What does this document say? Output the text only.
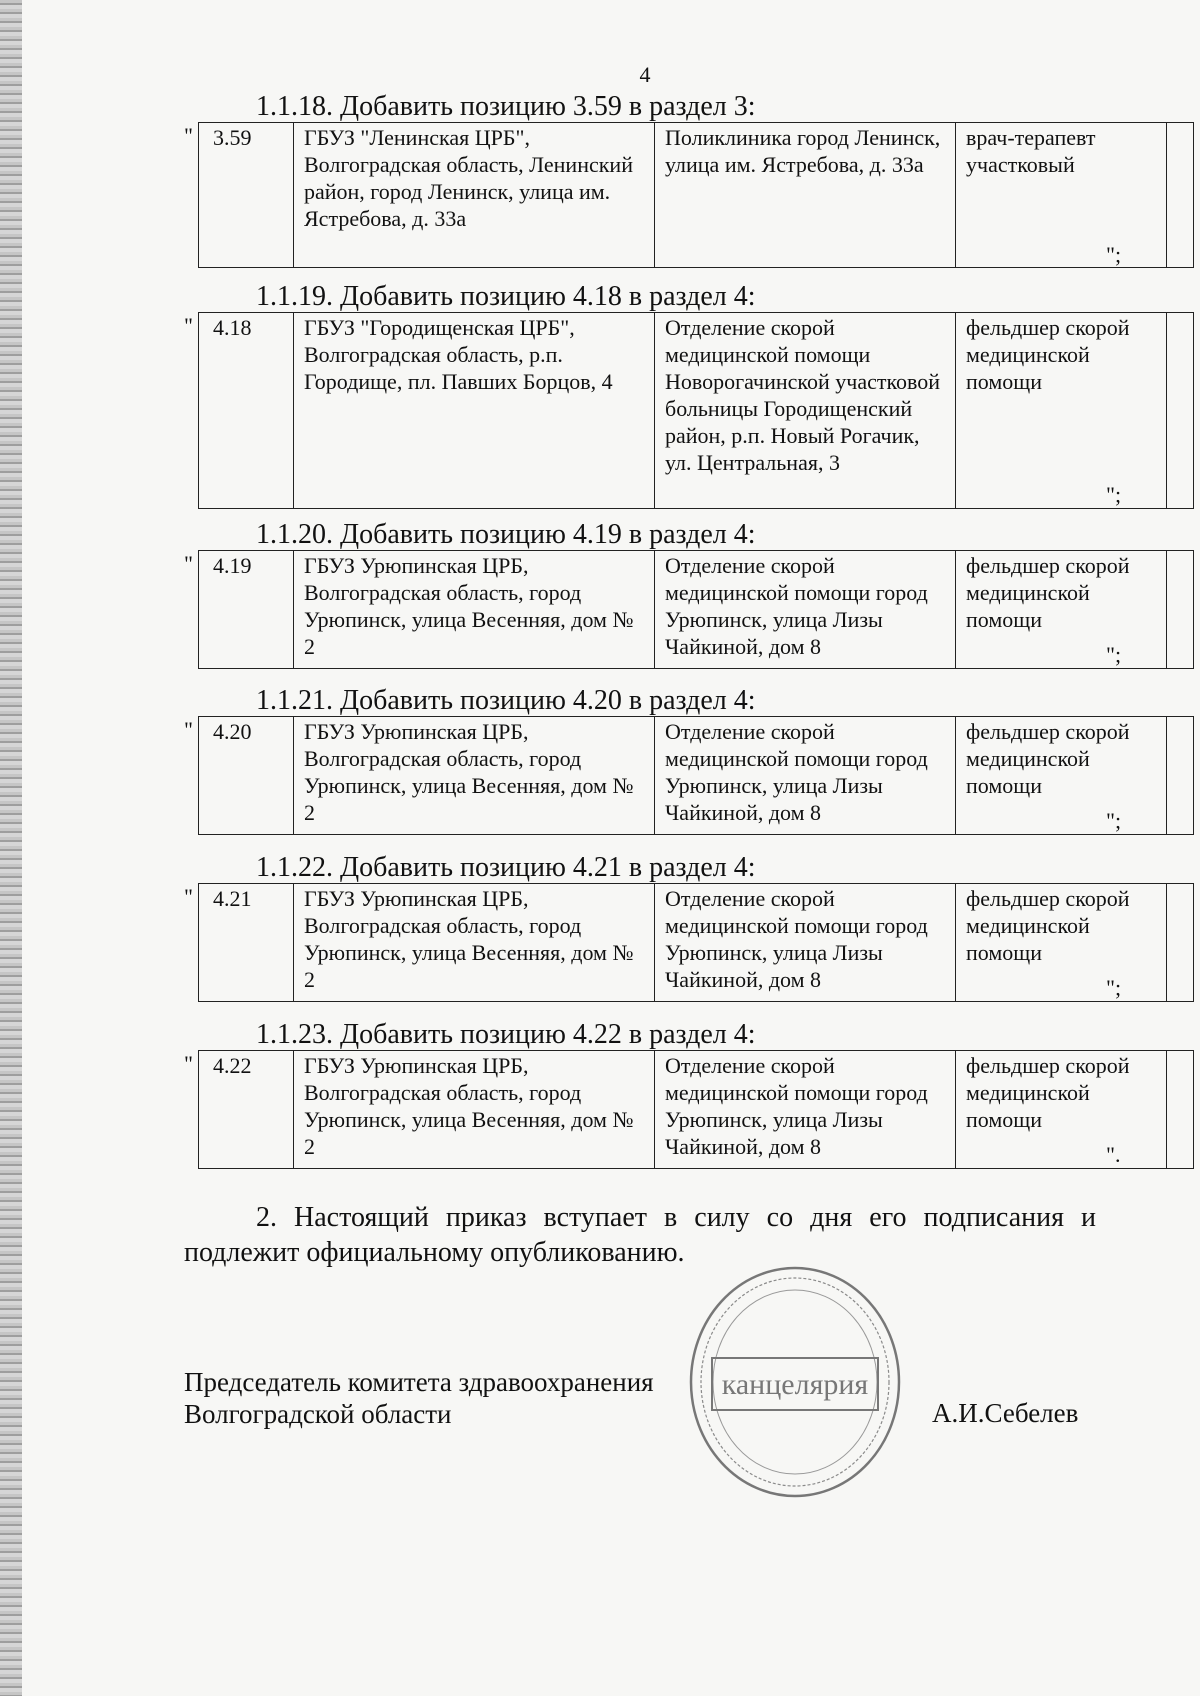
4
1.1.18. Добавить позицию 3.59 в раздел 3:
" 3.59	ГБУЗ "Ленинская ЦРБ", Волгоградская область, Ленинский район, город Ленинск, улица им. Ястребова, д. 33а	Поликлиника город Ленинск, улица им. Ястребова, д. 33а	врач-терапевт участковый	
";
1.1.19. Добавить позицию 4.18 в раздел 4:
" 4.18	ГБУЗ "Городищенская ЦРБ", Волгоградская область, р.п. Городище, пл. Павших Борцов, 4	Отделение скорой медицинской помощи Новорогачинской участковой больницы Городищенский район, р.п. Новый Рогачик, ул. Центральная, 3	фельдшер скорой медицинской помощи	
";
1.1.20. Добавить позицию 4.19 в раздел 4:
" 4.19	ГБУЗ Урюпинская ЦРБ, Волгоградская область, город Урюпинск, улица Весенняя, дом № 2	Отделение скорой медицинской помощи город Урюпинск, улица Лизы Чайкиной, дом 8	фельдшер скорой медицинской помощи	
";
1.1.21. Добавить позицию 4.20 в раздел 4:
" 4.20	ГБУЗ Урюпинская ЦРБ, Волгоградская область, город Урюпинск, улица Весенняя, дом № 2	Отделение скорой медицинской помощи город Урюпинск, улица Лизы Чайкиной, дом 8	фельдшер скорой медицинской помощи	
";
1.1.22. Добавить позицию 4.21 в раздел 4:
" 4.21	ГБУЗ Урюпинская ЦРБ, Волгоградская область, город Урюпинск, улица Весенняя, дом № 2	Отделение скорой медицинской помощи город Урюпинск, улица Лизы Чайкиной, дом 8	фельдшер скорой медицинской помощи	
";
1.1.23. Добавить позицию 4.22 в раздел 4:
" 4.22	ГБУЗ Урюпинская ЦРБ, Волгоградская область, город Урюпинск, улица Весенняя, дом № 2	Отделение скорой медицинской помощи город Урюпинск, улица Лизы Чайкиной, дом 8	фельдшер скорой медицинской помощи	
".
2. Настоящий приказ вступает в силу со дня его подписания и подлежит официальному опубликованию.
Председатель комитета здравоохранения
Волгоградской области
канцелярия
А.И.Себелев
